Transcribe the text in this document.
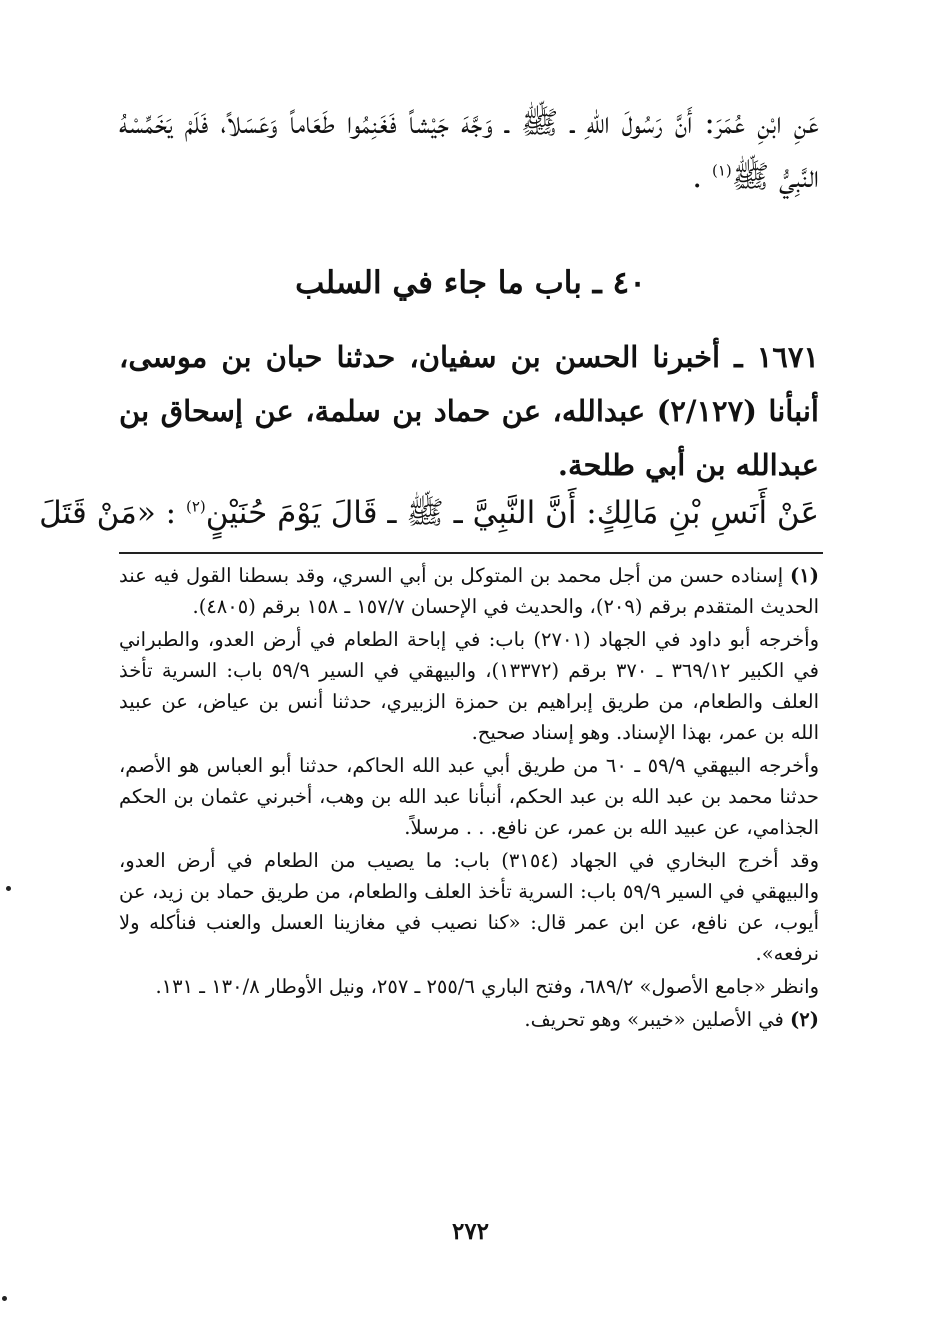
عَنِ ابْنِ عُمَرَ: أَنَّ رَسُولَ اللهِ ـ ﷺ ـ وَجَّهَ جَيْشاً فَغَنِمُوا طَعَاماً وَعَسَلاً، فَلَمْ يَخَمِّسْهُ النَّبِيُّ ﷺ$^{(١)}$ .
٤٠ ـ باب ما جاء في السلب
١٦٧١ ـ أخبرنا الحسن بن سفيان، حدثنا حبان بن موسى، أنبأنا (٢/١٢٧) عبدالله، عن حماد بن سلمة، عن إسحاق بن عبدالله بن أبي طلحة.
عَنْ أَنَسِ بْنِ مَالِكٍ: أَنَّ النَّبِيَّ ـ ﷺ ـ قَالَ يَوْمَ حُنَيْنٍ$^{(٢)}$ : «مَنْ قَتَلَ

(١) إسناده حسن من أجل محمد بن المتوكل بن أبي السري، وقد بسطنا القول فيه عند الحديث المتقدم برقم (٢٠٩)، والحديث في الإحسان ١٥٧/٧ ـ ١٥٨ برقم (٤٨٠٥).

وأخرجه أبو داود في الجهاد (٢٧٠١) باب: في إباحة الطعام في أرض العدو، والطبراني في الكبير ٣٦٩/١٢ ـ ٣٧٠ برقم (١٣٣٧٢)، والبيهقي في السير ٥٩/٩ باب: السرية تأخذ العلف والطعام، من طريق إبراهيم بن حمزة الزبيري، حدثنا أنس بن عياض، عن عبيد الله بن عمر، بهذا الإسناد. وهو إسناد صحيح.

وأخرجه البيهقي ٥٩/٩ ـ ٦٠ من طريق أبي عبد الله الحاكم، حدثنا أبو العباس هو الأصم، حدثنا محمد بن عبد الله بن عبد الحكم، أنبأنا عبد الله بن وهب، أخبرني عثمان بن الحكم الجذامي، عن عبيد الله بن عمر، عن نافع. . . مرسلاً.

وقد أخرج البخاري في الجهاد (٣١٥٤) باب: ما يصيب من الطعام في أرض العدو، والبيهقي في السير ٥٩/٩ باب: السرية تأخذ العلف والطعام، من طريق حماد بن زيد، عن أيوب، عن نافع، عن ابن عمر قال: «كنا نصيب في مغازينا العسل والعنب فنأكله ولا نرفعه».

وانظر «جامع الأصول» ٦٨٩/٢، وفتح الباري ٢٥٥/٦ ـ ٢٥٧، ونيل الأوطار ١٣٠/٨ ـ ١٣١.

(٢) في الأصلين «خيبر» وهو تحريف.

٢٧٢
